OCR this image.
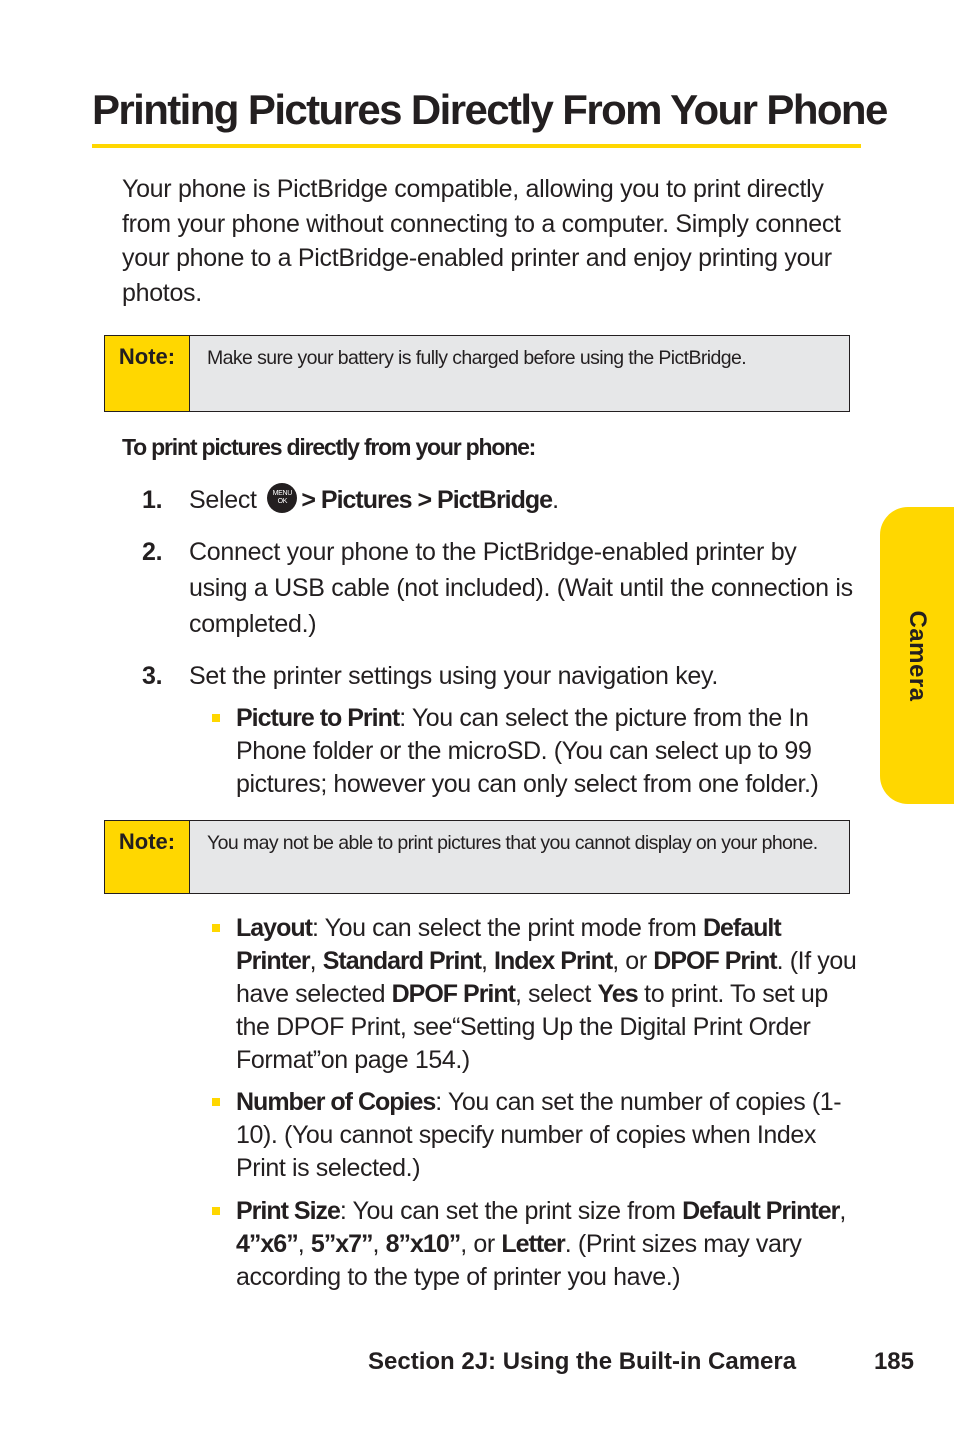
Printing Pictures Directly From Your Phone

Your phone is PictBridge compatible, allowing you to print directly from your phone without connecting to a computer. Simply connect your phone to a PictBridge-enabled printer and enjoy printing your photos.

Note:	Make sure your battery is fully charged before using the PictBridge.
To print pictures directly from your phone:
1. Select	MENU
OK > Pictures > PictBridge.
2. Connect your phone to the PictBridge-enabled printer by using a USB cable (not included). (Wait until the connection is completed.)
3. Set the printer settings using your navigation key.
Picture to Print: You can select the picture from the In Phone folder or the microSD. (You can select up to 99 pictures; however you can only select from one folder.)
Note:	You may not be able to print pictures that you cannot display on your phone.
Layout: You can select the print mode from Default Printer, Standard Print, Index Print, or DPOF Print. (If you have selected DPOF Print, select Yes to print. To set up the DPOF Print, see“Setting Up the Digital Print Order Format”on page 154.)
Number of Copies: You can set the number of copies (1-10). (You cannot specify number of copies when Index Print is selected.)
Print Size: You can set the print size from Default Printer, 4”x6”, 5”x7”, 8”x10”, or Letter. (Print sizes may vary according to the type of printer you have.)
Camera
Section 2J: Using the Built-in Camera	185
